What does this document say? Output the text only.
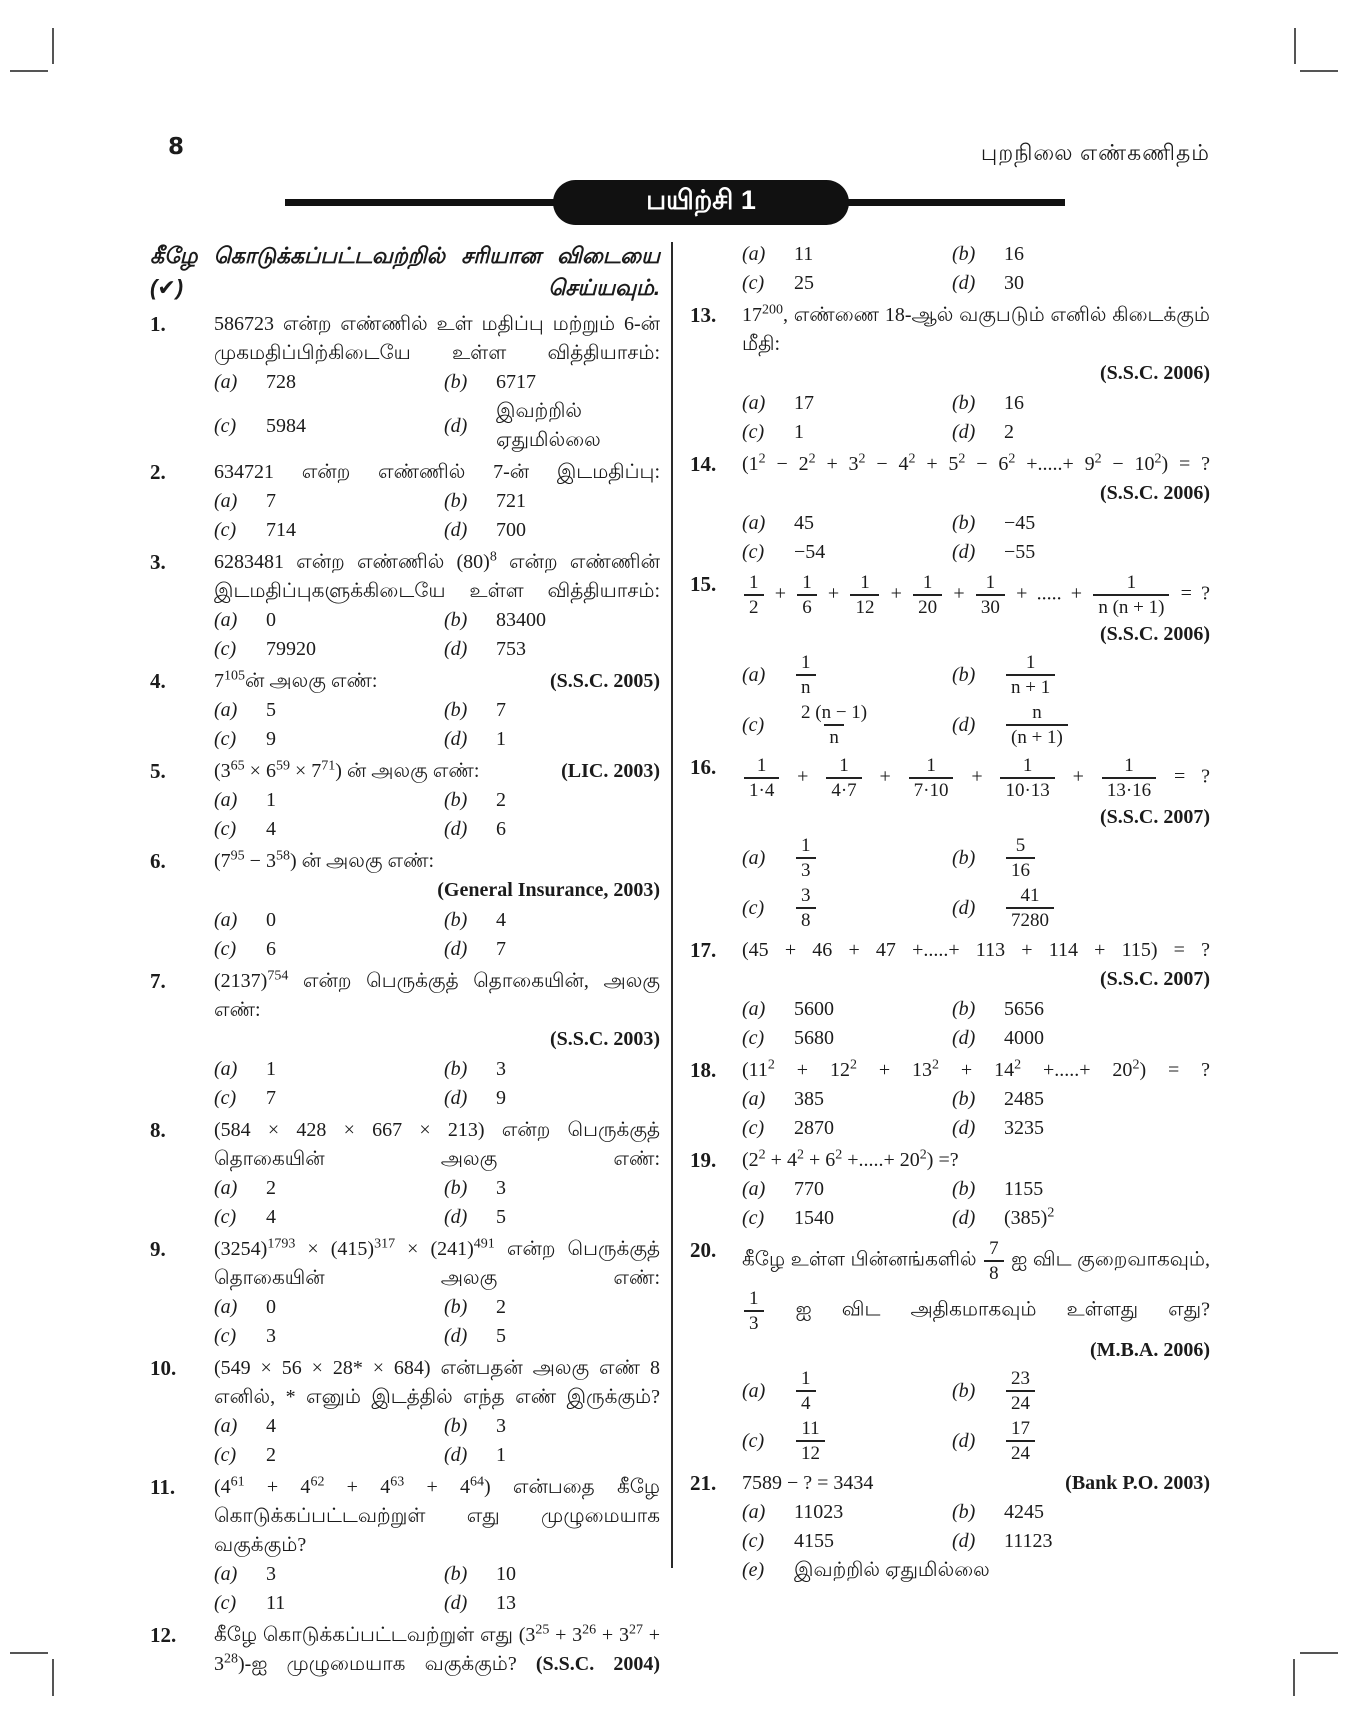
8	புறநிலை எண்கணிதம்
பயிற்சி 1
கீழே கொடுக்கப்பட்டவற்றில் சரியான விடையை (✔) செய்யவும்.
1.	586723 என்ற எண்ணில் உள் மதிப்பு மற்றும் 6-ன் முகமதிப்பிற்கிடையே உள்ள வித்தியாசம்:
(a)	728	(b)	6717
(c)	5984	(d)
இவற்றில் ஏதுமில்லை
2.	634721 என்ற எண்ணில் 7-ன் இடமதிப்பு:
(a)	7	(b)	721
(c)	714	(d)	700
3.	6283481 என்ற எண்ணில் $(80)^8$ என்ற எண்ணின் இடமதிப்புகளுக்கிடையே உள்ள வித்தியாசம்:
(a)	0	(b)	83400
(c)	79920	(d)	753
4.	$7^{105}ன்$ அலகு எண்:	(S.S.C. 2005)
(a)	5	(b)	7
(c)	9	(d)	1
5.	$(3^{65} \times 6^{59} \times 7^{71})$ ன் அலகு எண்:	(LIC. 2003)
(a)	1	(b)	2
(c)	4	(d)	6
6.	$(7^{95} - 3^{58})$ ன் அலகு எண்:
(General Insurance, 2003)
(a)	0	(b)	4
(c)	6	(d)	7
7.	$(2137)^{754}$ என்ற பெருக்குத் தொகையின், அலகு எண்:
(S.S.C. 2003)
(a)	1	(b)	3
(c)	7	(d)	9
8.	(584 × 428 × 667 × 213) என்ற பெருக்குத் தொகையின் அலகு எண்:
(a)	2	(b)	3
(c)	4	(d)	5
9.	$(3254)^{1793} \times (415)^{317} \times (241)^{491}$ என்ற பெருக்குத் தொகையின் அலகு எண்:
(a)	0	(b)	2
(c)	3	(d)	5
10.	(549 × 56 × 28* × 684) என்பதன் அலகு எண் 8 எனில், * எனும் இடத்தில் எந்த எண் இருக்கும்?
(a)	4	(b)	3
(c)	2	(d)	1
11.	$(4^{61} + 4^{62} + 4^{63} + 4^{64})$ என்பதை கீழே கொடுக்கப்பட்டவற்றுள் எது முழுமையாக வகுக்கும்?
(a)	3	(b)	10
(c)	11	(d)	13
12.	கீழே கொடுக்கப்பட்டவற்றுள் எது ($3^{25} + 3^{26} + 3^{27}$ + $3^{28})-ஐ$ முழுமையாக வகுக்கும்? (S.S.C. 2004)
(a)	11	(b)	16
(c)	25	(d)	30
13.	$17^{200}$, எண்ணை 18-ஆல் வகுபடும் எனில் கிடைக்கும் மீதி:
(S.S.C. 2006)
(a)	17	(b)	16
(c)	1	(d)	2
14.	($1^2 - 2^2 + 3^2 - 4^2 + 5^2 - 6^2$ +.....+ $9^2 - 10^2$) = ?
(S.S.C. 2006)
(a)	45	(b)	−45
(c)	−54	(d)	−55
15.	$\frac{1}{2} + \frac{1}{6} + \frac{1}{12} + \frac{1}{20} + \frac{1}{30}$ + ..... + $\frac{1}{n (n + 1)}$ = ?
(S.S.C. 2006)
(a)	$\frac{1}{n}$	(b)	$\frac{1}{n + 1}$
(c)	$\frac{2 (n - 1)}{n}$	(d)	$\frac{n}{(n + 1)}$
16.	$\frac{1}{1\cdot 4} + \frac{1}{4\cdot 7} + \frac{1}{7\cdot 10} + \frac{1}{10\cdot 13} + \frac{1}{13\cdot 16}$ = ?
(S.S.C. 2007)
(a)	$\frac{1}{3}$	(b)	$\frac{5}{16}$
(c)	$\frac{3}{8}$	(d)	$\frac{41}{7280}$
17.	(45 + 46 + 47 +.....+ 113 + 114 + 115) = ?
(S.S.C. 2007)
(a)	5600	(b)	5656
(c)	5680	(d)	4000
18.	($11^2 + 12^2 + 13^2 + 14^2$ +.....+ $20^2$) = ?
(a)	385	(b)	2485
(c)	2870	(d)	3235
19.	($2^2 + 4^2 + 6^2$ +.....+ $20^2$) =?
(a)	770	(b)	1155
(c)	1540	(d)	$(385)^2$
20.	கீழே உள்ள பின்னங்களில் $\frac{7}{8}$ ஐ விட குறைவாகவும்,
$\frac{1}{3}$ ஐ விட அதிகமாகவும் உள்ளது எது?
(M.B.A. 2006)
(a)	$\frac{1}{4}$	(b)	$\frac{23}{24}$
(c)	$\frac{11}{12}$	(d)	$\frac{17}{24}$
21.	7589 − ? = 3434	(Bank P.O. 2003)
(a)	11023	(b)	4245
(c)	4155	(d)	11123
(e)	இவற்றில் ஏதுமில்லை
